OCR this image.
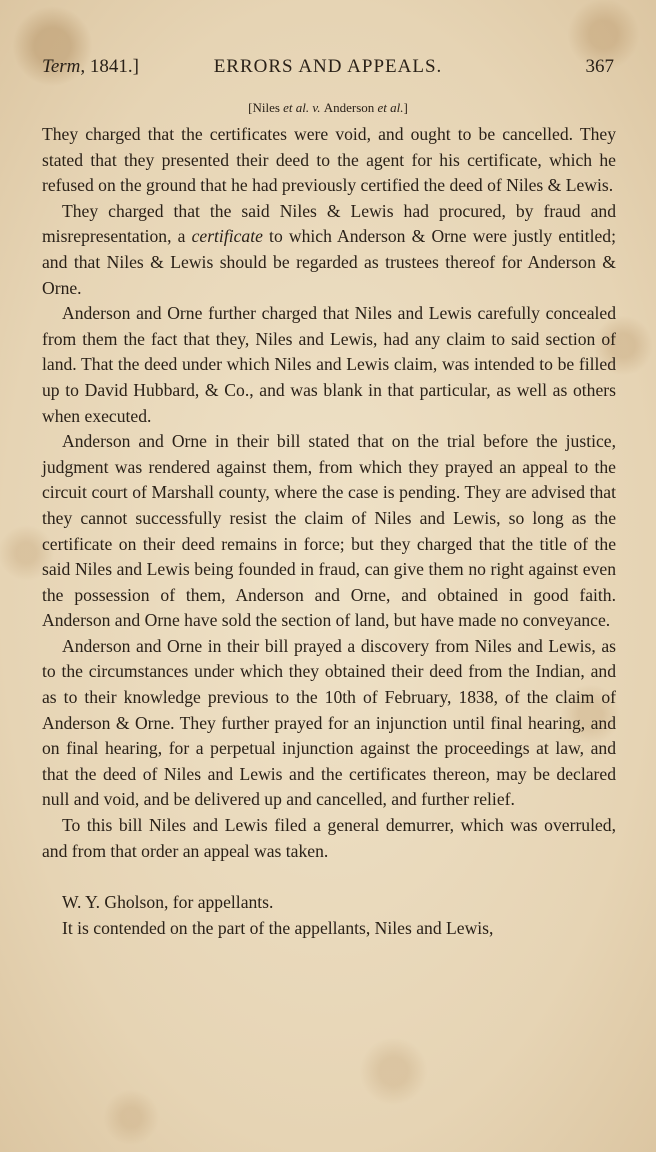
Term, 1841.]	ERRORS AND APPEALS.	367
[Niles et al. v. Anderson et al.]

They charged that the certificates were void, and ought to be cancelled. They stated that they presented their deed to the agent for his certificate, which he refused on the ground that he had previously certified the deed of Niles & Lewis.

They charged that the said Niles & Lewis had procured, by fraud and misrepresentation, a certificate to which Anderson & Orne were justly entitled; and that Niles & Lewis should be regarded as trustees thereof for Anderson & Orne.

Anderson and Orne further charged that Niles and Lewis carefully concealed from them the fact that they, Niles and Lewis, had any claim to said section of land. That the deed under which Niles and Lewis claim, was intended to be filled up to David Hubbard, & Co., and was blank in that particular, as well as others when executed.

Anderson and Orne in their bill stated that on the trial before the justice, judgment was rendered against them, from which they prayed an appeal to the circuit court of Marshall county, where the case is pending. They are advised that they cannot successfully resist the claim of Niles and Lewis, so long as the certificate on their deed remains in force; but they charged that the title of the said Niles and Lewis being founded in fraud, can give them no right against even the possession of them, Anderson and Orne, and obtained in good faith. Anderson and Orne have sold the section of land, but have made no conveyance.

Anderson and Orne in their bill prayed a discovery from Niles and Lewis, as to the circumstances under which they obtained their deed from the Indian, and as to their knowledge previous to the 10th of February, 1838, of the claim of Anderson & Orne. They further prayed for an injunction until final hearing, and on final hearing, for a perpetual injunction against the proceedings at law, and that the deed of Niles and Lewis and the certificates thereon, may be declared null and void, and be delivered up and cancelled, and further relief.

To this bill Niles and Lewis filed a general demurrer, which was overruled, and from that order an appeal was taken.

W. Y. Gholson, for appellants.

It is contended on the part of the appellants, Niles and Lewis,
